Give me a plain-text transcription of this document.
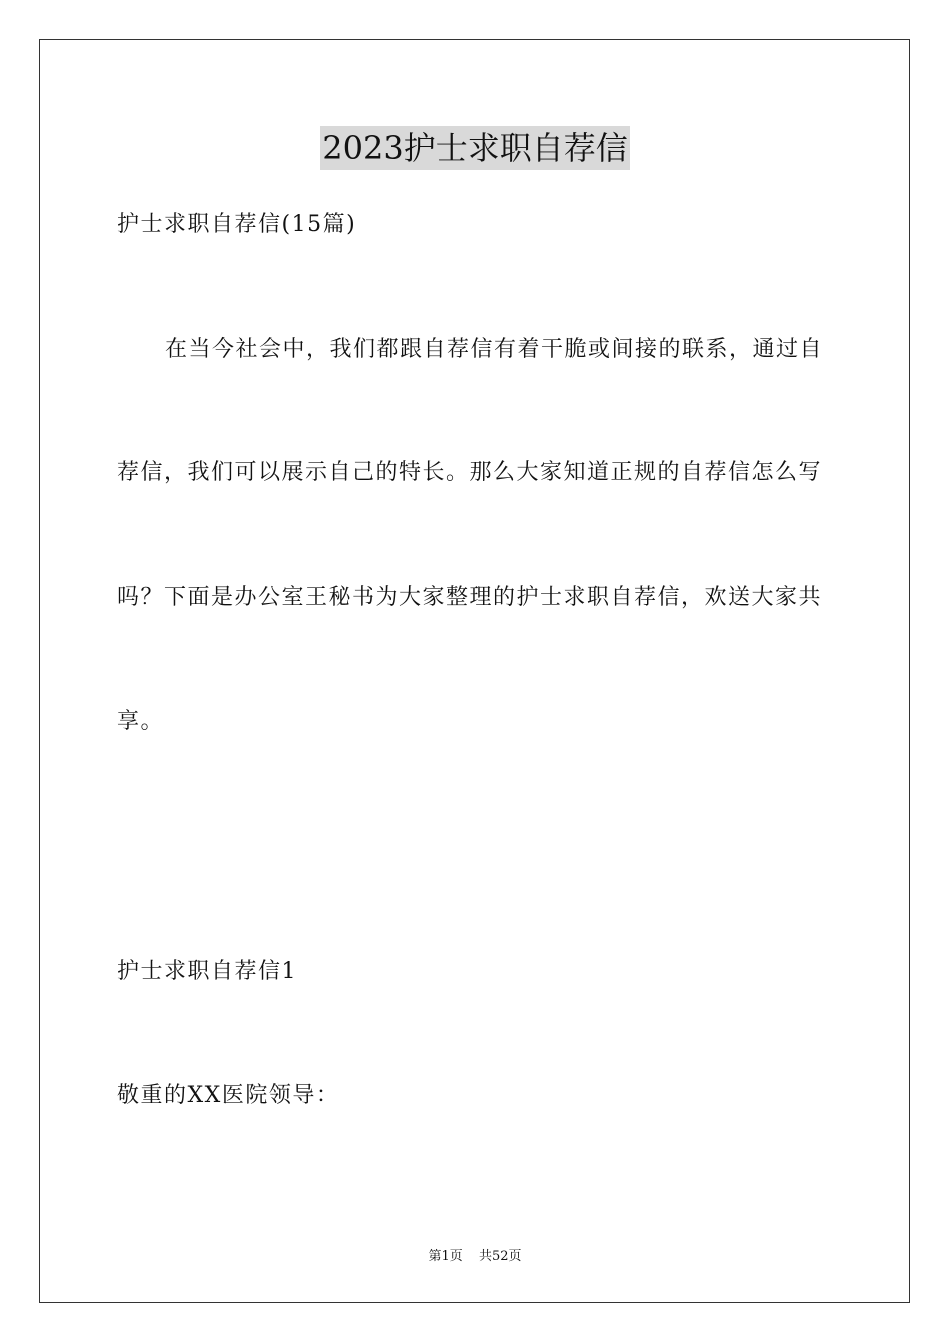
2023护士求职自荐信
护士求职自荐信(15篇)
在当今社会中，我们都跟自荐信有着干脆或间接的联系，通过自
荐信，我们可以展示自己的特长。那么大家知道正规的自荐信怎么写
吗？下面是办公室王秘书为大家整理的护士求职自荐信，欢送大家共
享。
护士求职自荐信1
敬重的XX医院领导：
第1页 共52页
